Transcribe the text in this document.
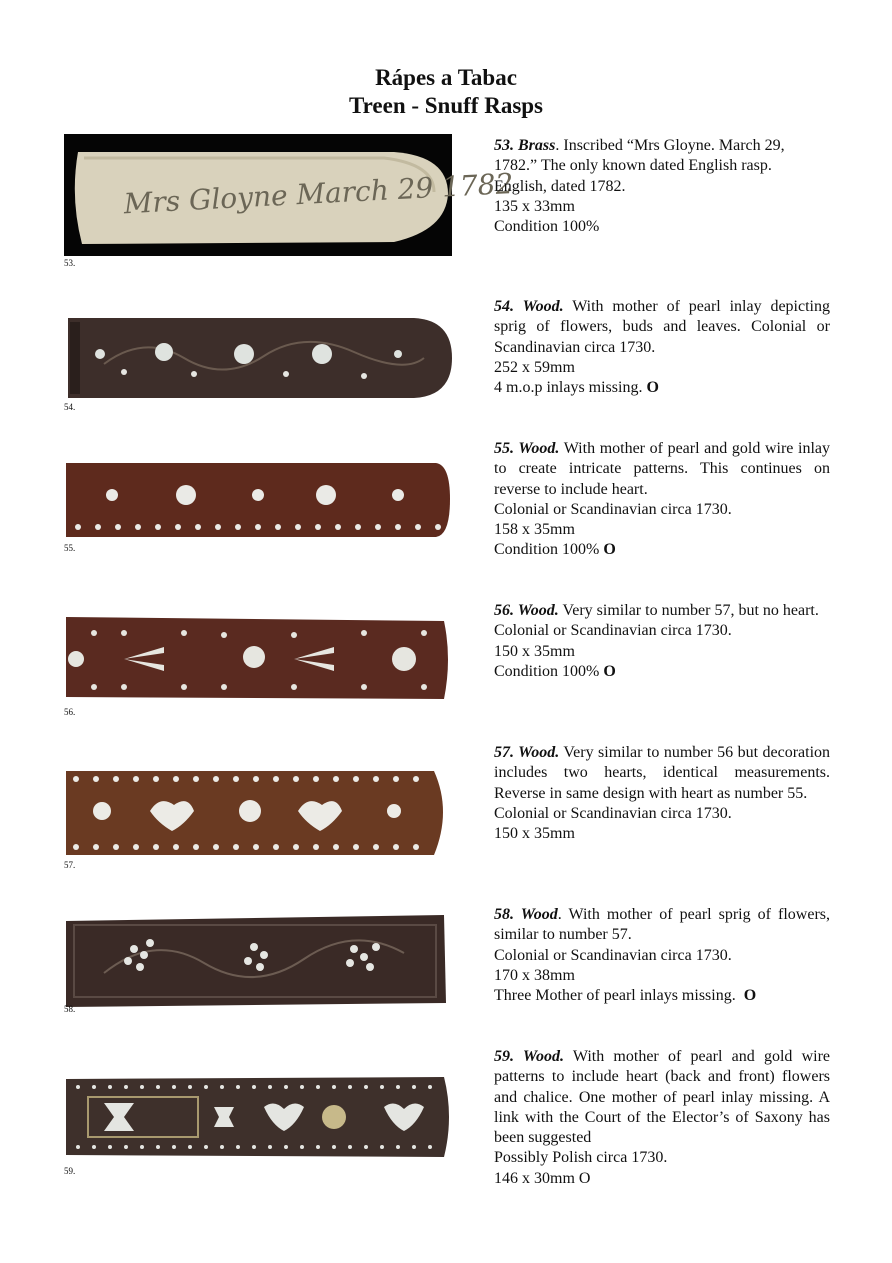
Rápes a Tabac
Treen - Snuff Rasps
Mrs Gloyne March 29 1782
53.

53. Brass. Inscribed “Mrs Gloyne. March 29,

1782.” The only known dated English rasp.

English, dated 1782.

135 x 33mm

Condition 100%

54.

54. Wood. With mother of pearl inlay depicting sprig of flowers, buds and leaves. Colonial or Scandinavian circa 1730.

252 x 59mm

4 m.o.p inlays missing. O

55.

55. Wood. With mother of pearl and gold wire inlay to create intricate patterns. This continues on reverse to include heart.

Colonial or Scandinavian circa 1730.

158 x 35mm

Condition 100% O

56.

56. Wood. Very similar to number 57, but no heart.

Colonial or Scandinavian circa 1730.

150 x 35mm

Condition 100% O

57.

57. Wood. Very similar to number 56 but decoration includes two hearts, identical measurements. Reverse in same design with heart as number 55.

Colonial or Scandinavian circa 1730.

150 x 35mm

58.

58. Wood. With mother of pearl sprig of flowers, similar to number 57.

Colonial or Scandinavian circa 1730.

170 x 38mm

Three Mother of pearl inlays missing. O

59.

59. Wood. With mother of pearl and gold wire patterns to include heart (back and front) flowers and chalice. One mother of pearl inlay missing. A link with the Court of the Elector’s of Saxony has been suggested

Possibly Polish circa 1730.

146 x 30mm O
